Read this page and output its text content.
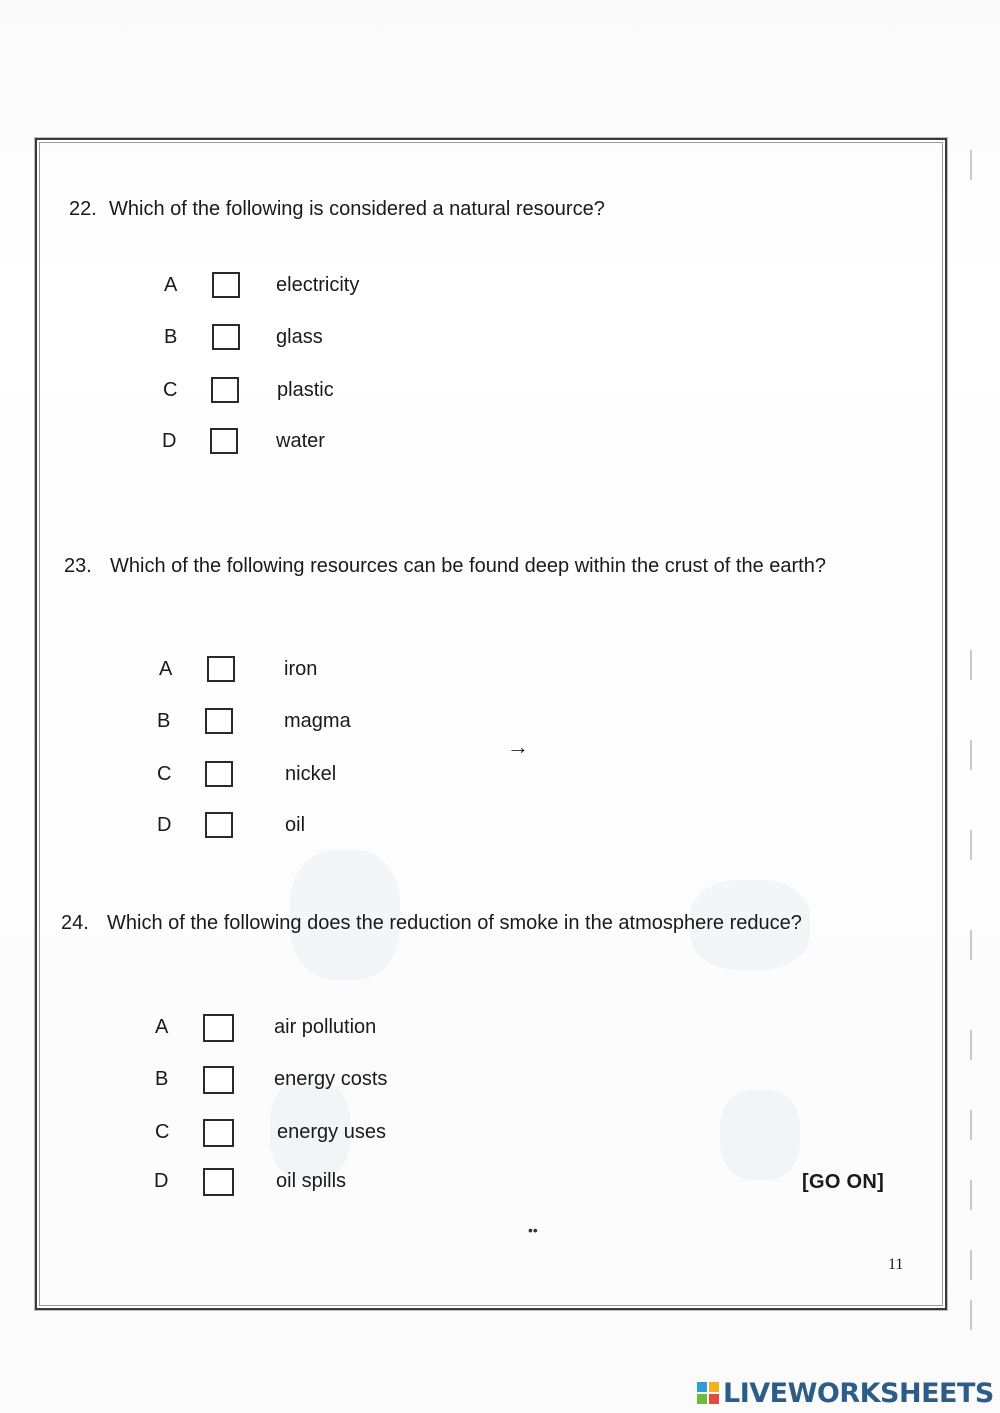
22. Which of the following is considered a natural resource?
A	electricity
B	glass
C	plastic
D	water
23. Which of the following resources can be found deep within the crust of the earth?
A	iron
B	magma
C	nickel
D	oil
24. Which of the following does the reduction of smoke in the atmosphere reduce?
A	air pollution
B	energy costs
C	energy uses
D	oil spills	[GO ON]
11
→
••
LIVEWORKSHEETS
